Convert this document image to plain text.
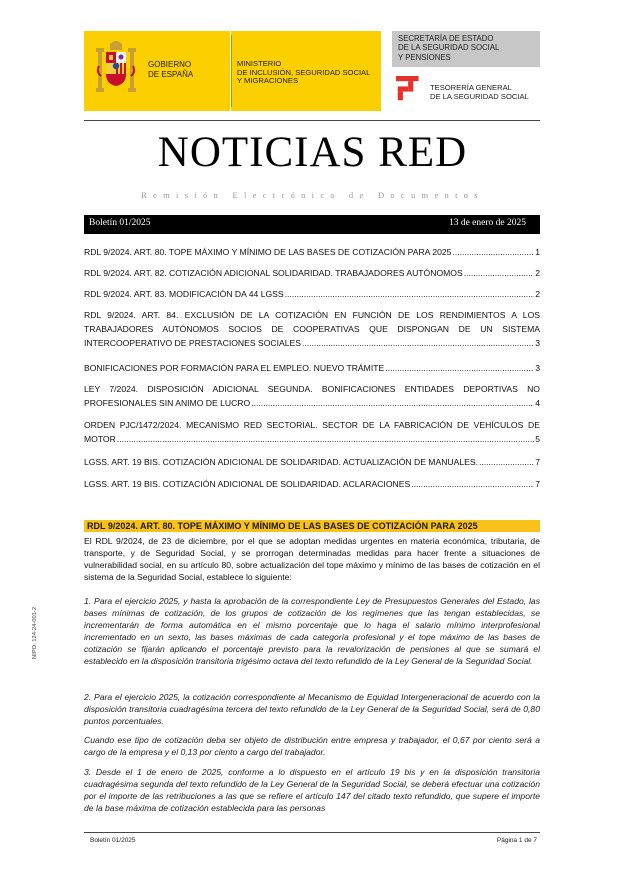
GOBIERNO
DE ESPAÑA
MINISTERIO
DE INCLUSIÓN, SEGURIDAD SOCIAL
Y MIGRACIONES
SECRETARÍA DE ESTADO
DE LA SEGURIDAD SOCIAL
Y PENSIONES
TESORERÍA GENERAL
DE LA SEGURIDAD SOCIAL
NOTICIAS RED
Remisión Electrónica de Documentos
Boletín 01/2025	13 de enero de 2025
RDL 9/2024. ART. 80. TOPE MÁXIMO Y MÍNIMO DE LAS BASES DE COTIZACIÓN PARA 2025 .....	1
RDL 9/2024. ART. 82. COTIZACIÓN ADICIONAL SOLIDARIDAD. TRABAJADORES AUTÓNOMOS .....	2
RDL 9/2024. ART. 83. MODIFICACIÓN DA 44 LGSS .....	2
RDL 9/2024. ART. 84. EXCLUSIÓN DE LA COTIZACIÓN EN FUNCIÓN DE LOS RENDIMIENTOS A LOS TRABAJADORES AUTÓNOMOS SOCIOS DE COOPERATIVAS QUE DISPONGAN DE UN SISTEMA
INTERCOOPERATIVO DE PRESTACIONES SOCIALES .....	3
BONIFICACIONES POR FORMACIÓN PARA EL EMPLEO. NUEVO TRÁMITE .....	3
LEY 7/2024. DISPOSICIÓN ADICIONAL SEGUNDA. BONIFICACIONES ENTIDADES DEPORTIVAS NO
PROFESIONALES SIN ANIMO DE LUCRO .....	4
ORDEN PJC/1472/2024. MECANISMO RED SECTORIAL. SECTOR DE LA FABRICACIÓN DE VEHÍCULOS DE
MOTOR .....	5
LGSS. ART. 19 BIS. COTIZACIÓN ADICIONAL DE SOLIDARIDAD. ACTUALIZACIÓN DE MANUALES. .....	7
LGSS. ART. 19 BIS. COTIZACIÓN ADICIONAL DE SOLIDARIDAD. ACLARACIONES .....	7
RDL 9/2024. ART. 80. TOPE MÁXIMO Y MÍNIMO DE LAS BASES DE COTIZACIÓN PARA 2025
El RDL 9/2024, de 23 de diciembre, por el que se adoptan medidas urgentes en materia económica, tributaria, de transporte, y de Seguridad Social, y se prorrogan determinadas medidas para hacer frente a situaciones de vulnerabilidad social, en su artículo 80, sobre actualización del tope máximo y mínimo de las bases de cotización en el sistema de la Seguridad Social, establece lo siguiente:
1. Para el ejercicio 2025, y hasta la aprobación de la correspondiente Ley de Presupuestos Generales del Estado, las bases mínimas de cotización, de los grupos de cotización de los regímenes que las tengan establecidas, se incrementarán de forma automática en el mismo porcentaje que lo haga el salario mínimo interprofesional incrementado en un sexto, las bases máximas de cada categoría profesional y el tope máximo de las bases de cotización se fijarán aplicando el porcentaje previsto para la revalorización de pensiones al que se sumará el establecido en la disposición transitoria trigésimo octava del texto refundido de la Ley General de la Seguridad Social.
2. Para el ejercicio 2025, la cotización correspondiente al Mecanismo de Equidad Intergeneracional de acuerdo con la disposición transitoria cuadragésima tercera del texto refundido de la Ley General de la Seguridad Social, será de 0,80 puntos porcentuales.
Cuando ese tipo de cotización deba ser objeto de distribución entre empresa y trabajador, el 0,67 por ciento será a cargo de la empresa y el 0,13 por ciento a cargo del trabajador.
3. Desde el 1 de enero de 2025, conforme a lo dispuesto en el artículo 19 bis y en la disposición transitoria cuadragésima segunda del texto refundido de la Ley General de la Seguridad Social, se deberá efectuar una cotización por el importe de las retribuciones a las que se refiere el artículo 147 del citado texto refundido, que supere el importe de la base máxima de cotización establecida para las personas
NIPO: 124-24-001-2
Boletín 01/2025	Página 1 de 7
